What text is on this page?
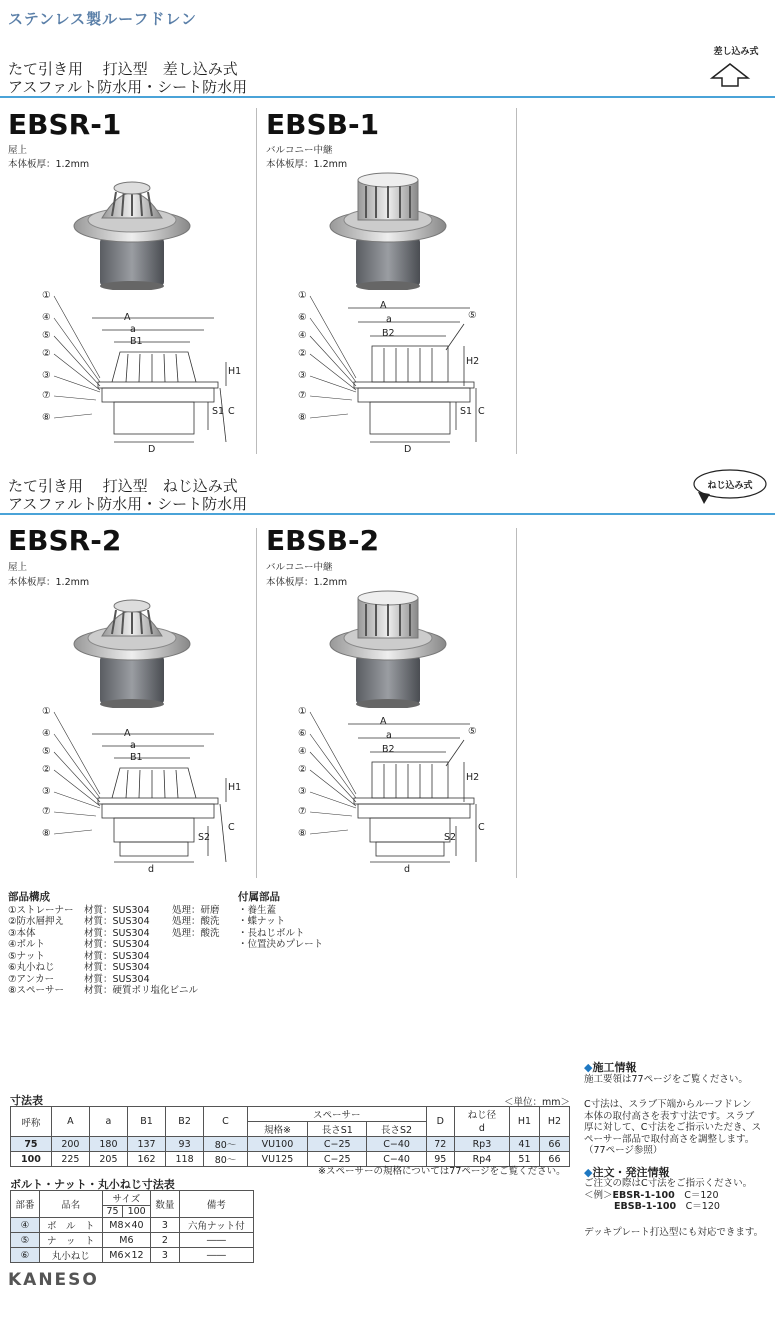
ステンレス製ルーフドレン
たて引き用　 打込型　差し込み式
アスファルト防水用・シート防水用
差し込み式
EBSR-1
屋上
本体板厚：1.2mm
EBSB-1
バルコニー中継
本体板厚：1.2mm
A
a
B1
H1
S1 C
D
①
④
⑤
②
③
⑦
⑧
A
a
B2
H2
S1 C
D
⑤
①
⑥
④
②
③
⑦
⑧
たて引き用　 打込型　ねじ込み式
アスファルト防水用・シート防水用
ねじ込み式
EBSR-2
屋上
本体板厚：1.2mm
EBSB-2
バルコニー中継
本体板厚：1.2mm
A
a
B1
H1
S2
C
d
①
④
⑤
②
③
⑦
⑧
A
a
B2
H2
S2
C
d
⑤
①
⑥
④
②
③
⑦
⑧
部品構成
①ストレーナー 材質：SUS304 処理：研磨
②防水層押え 材質：SUS304 処理：酸洗
③本体	材質：SUS304 処理：酸洗
④ボルト	材質：SUS304
⑤ナット	材質：SUS304
⑥丸小ねじ	材質：SUS304
⑦アンカー	材質：SUS304
⑧スペーサー 材質：硬質ポリ塩化ビニル
付属部品
・養生蓋
・蝶ナット
・長ねじボルト
・位置決めプレート
寸法表	＜単位：mm＞
呼称	A	a	B1	B2	C	スペーサー			D	ねじ径	H1	H2
						規格※	長さS1	長さS2		d		
75	200	180	137	93	80〜	VU100	C−25	C−40	72	Rp3	41	66
100	225	205	162	118	80〜	VU125	C−25	C−40	95	Rp4	51	66
※スペーサーの規格については77ページをご覧ください。
ボルト・ナット・丸小ねじ寸法表
部番	品名	サイズ		数量	備考
		75	100		
④	ボ　ル　ト	M8×40		3	六角ナット付
⑤	ナ　ッ　ト	M6		2	――
⑥	丸小ねじ	M6×12		3	――
◆施工情報
施工要領は77ページをご覧ください。
C寸法は、スラブ下端からルーフドレン
本体の取付高さを表す寸法です。スラブ
厚に対して、C寸法をご指示いただき、ス
ペーサー部品で取付高さを調整します。
（77ページ参照）
◆注文・発注情報
ご注文の際はC寸法をご指示ください。
＜例＞EBSR-1-100　 C＝120
EBSB-1-100　 C＝120
デッキプレート打込型にも対応できます。
KANESO
